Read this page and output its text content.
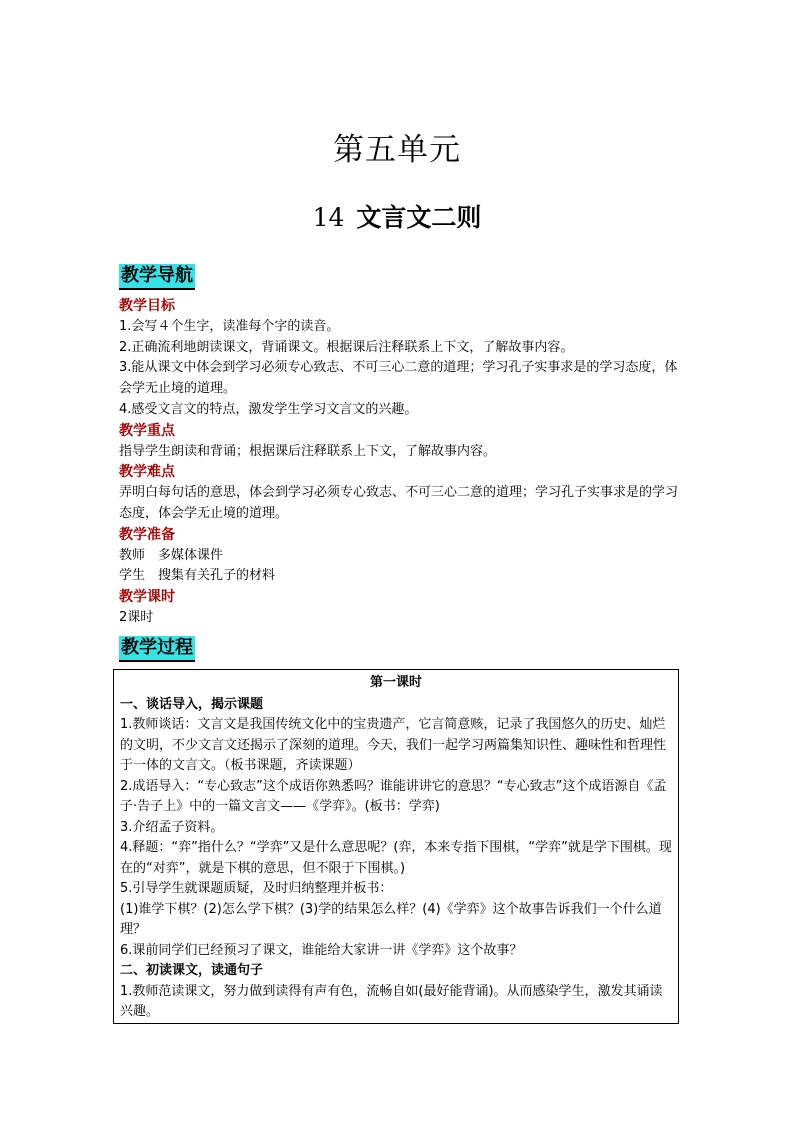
第五单元
14 文言文二则
教学导航
教学目标

1.会写４个生字，读准每个字的读音。

2.正确流利地朗读课文，背诵课文。根据课后注释联系上下文，了解故事内容。

3.能从课文中体会到学习必须专心致志、不可三心二意的道理；学习孔子实事求是的学习态度，体会学无止境的道理。

4.感受文言文的特点，激发学生学习文言文的兴趣。

教学重点

指导学生朗读和背诵；根据课后注释联系上下文，了解故事内容。

教学难点

弄明白每句话的意思，体会到学习必须专心致志、不可三心二意的道理；学习孔子实事求是的学习态度，体会学无止境的道理。

教学准备

教师　多媒体课件

学生　搜集有关孔子的材料

教学课时

2课时

教学过程
第一课时
一、谈话导入，揭示课题

1.教师谈话：文言文是我国传统文化中的宝贵遗产，它言简意赅，记录了我国悠久的历史、灿烂的文明，不少文言文还揭示了深刻的道理。今天，我们一起学习两篇集知识性、趣味性和哲理性于一体的文言文。（板书课题，齐读课题）

2.成语导入：“专心致志”这个成语你熟悉吗？谁能讲讲它的意思？“专心致志”这个成语源自《孟子·告子上》中的一篇文言文——《学弈》。(板书：学弈)

3.介绍孟子资料。

4.释题：“弈”指什么？“学弈”又是什么意思呢？(弈，本来专指下围棋，“学弈”就是学下围棋。现在的“对弈”，就是下棋的意思，但不限于下围棋。)

5.引导学生就课题质疑，及时归纳整理并板书：

(1)谁学下棋？(2)怎么学下棋？(3)学的结果怎么样？(4)《学弈》这个故事告诉我们一个什么道理？

6.课前同学们已经预习了课文，谁能给大家讲一讲《学弈》这个故事？

二、初读课文，读通句子

1.教师范读课文，努力做到读得有声有色，流畅自如(最好能背诵)。从而感染学生，激发其诵读兴趣。
